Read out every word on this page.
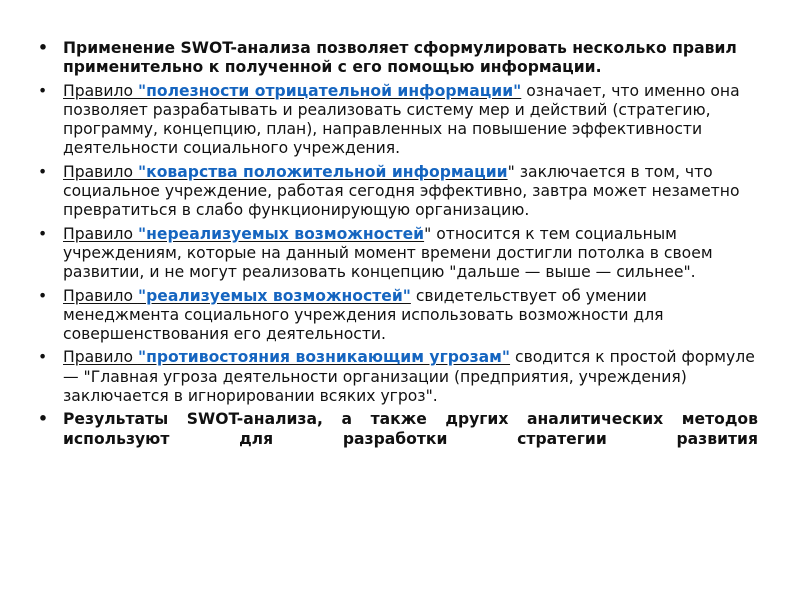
• Применение SWOT-анализа позволяет сформулировать несколько правил применительно к полученной с его помощью информации.
•	Правило "полезности отрицательной информации" означает, что именно она позволяет разрабатывать и реализовать систему мер и действий (стратегию, программу, концепцию, план), направленных на повышение эффективности деятельности социального учреждения.
•	Правило "коварства положительной информации" заключается в том, что социальное учреждение, работая сегодня эффективно, завтра может незаметно превратиться в слабо функционирующую организацию.
•	Правило "нереализуемых возможностей" относится к тем социальным учреждениям, которые на данный момент времени достигли потолка в своем развитии, и не могут реализовать концепцию "дальше — выше — сильнее".
•	Правило "реализуемых возможностей" свидетельствует об умении менеджмента социального учреждения использовать возможности для совершенствования его деятельности.
•	Правило "противостояния возникающим угрозам" сводится к простой формуле — "Главная угроза деятельности организации (предприятия, учреждения) заключается в игнорировании всяких угроз".
• Результаты SWOT-анализа, а также других аналитических методов используют для разработки стратегии развития
